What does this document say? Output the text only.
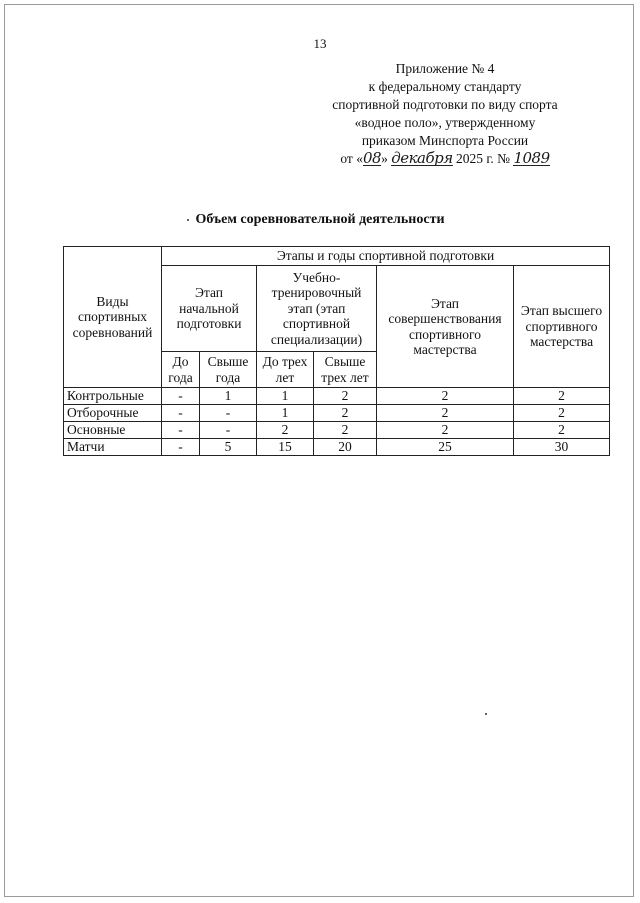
13
Приложение № 4
к федеральному стандарту
спортивной подготовки по виду спорта
«водное поло», утвержденному
приказом Минспорта России
от «08» декабря 2025 г. № 1089
Объем соревновательной деятельности
Виды спортивных соревнований	Этапы и годы спортивной подготовки					
	Этап начальной подготовки		Учебно-тренировочный этап (этап спортивной специализации)		Этап совершенствования спортивного мастерства	Этап высшего спортивного мастерства
	До года	Свыше года	До трех лет	Свыше трех лет		
Контрольные	-	1	1	2	2	2
Отборочные	-	-	1	2	2	2
Основные	-	-	2	2	2	2
Матчи	-	5	15	20	25	30
